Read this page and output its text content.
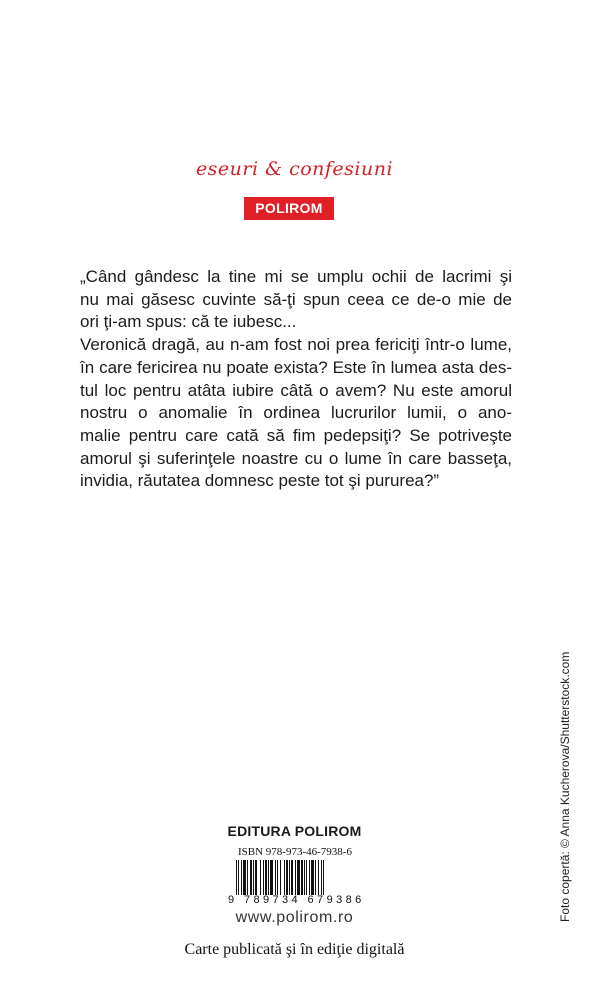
eseuri & confesiuni
POLIROM

„Când gândesc la tine mi se umplu ochii de lacrimi şi

nu mai găsesc cuvinte să-ţi spun ceea ce de-o mie de

ori ţi-am spus: că te iubesc...

Veronică dragă, au n-am fost noi prea fericiţi într-o lume,

în care fericirea nu poate exista? Este în lumea asta des-

tul loc pentru atâta iubire câtă o avem? Nu este amorul

nostru o anomalie în ordinea lucrurilor lumii, o ano-

malie pentru care cată să fim pedepsiţi? Se potriveşte

amorul şi suferinţele noastre cu o lume în care basseţa,

invidia, răutatea domnesc peste tot şi pururea?”

Foto copertă: © Anna Kucherova/Shutterstock.com
EDITURA POLIROM
ISBN 978-973-46-7938-6
9 789734 679386
www.polirom.ro
Carte publicată şi în ediţie digitală
